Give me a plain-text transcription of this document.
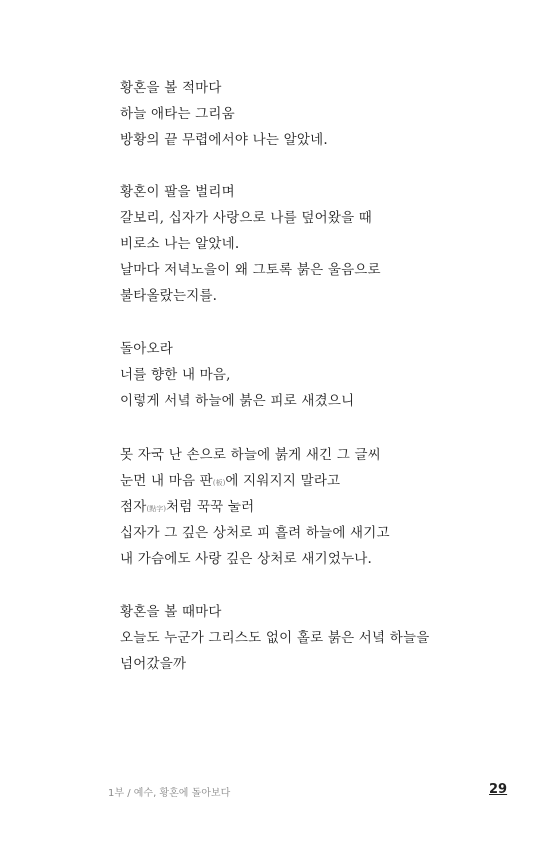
황혼을 볼 적마다
하늘 애타는 그리움
방황의 끝 무렵에서야 나는 알았네.
황혼이 팔을 벌리며
갈보리, 십자가 사랑으로 나를 덮어왔을 때
비로소 나는 알았네.
날마다 저녁노을이 왜 그토록 붉은 울음으로
불타올랐는지를.
돌아오라
너를 향한 내 마음,
이렇게 서녘 하늘에 붉은 피로 새겼으니
못 자국 난 손으로 하늘에 붉게 새긴 그 글씨
눈먼 내 마음 판(板)에 지워지지 말라고
점자(點字)처럼 꾹꾹 눌러
십자가 그 깊은 상처로 피 흘려 하늘에 새기고
내 가슴에도 사랑 깊은 상처로 새기었누나.
황혼을 볼 때마다
오늘도 누군가 그리스도 없이 홀로 붉은 서녘 하늘을
넘어갔을까
1부 / 예수, 황혼에 돌아보다	29
